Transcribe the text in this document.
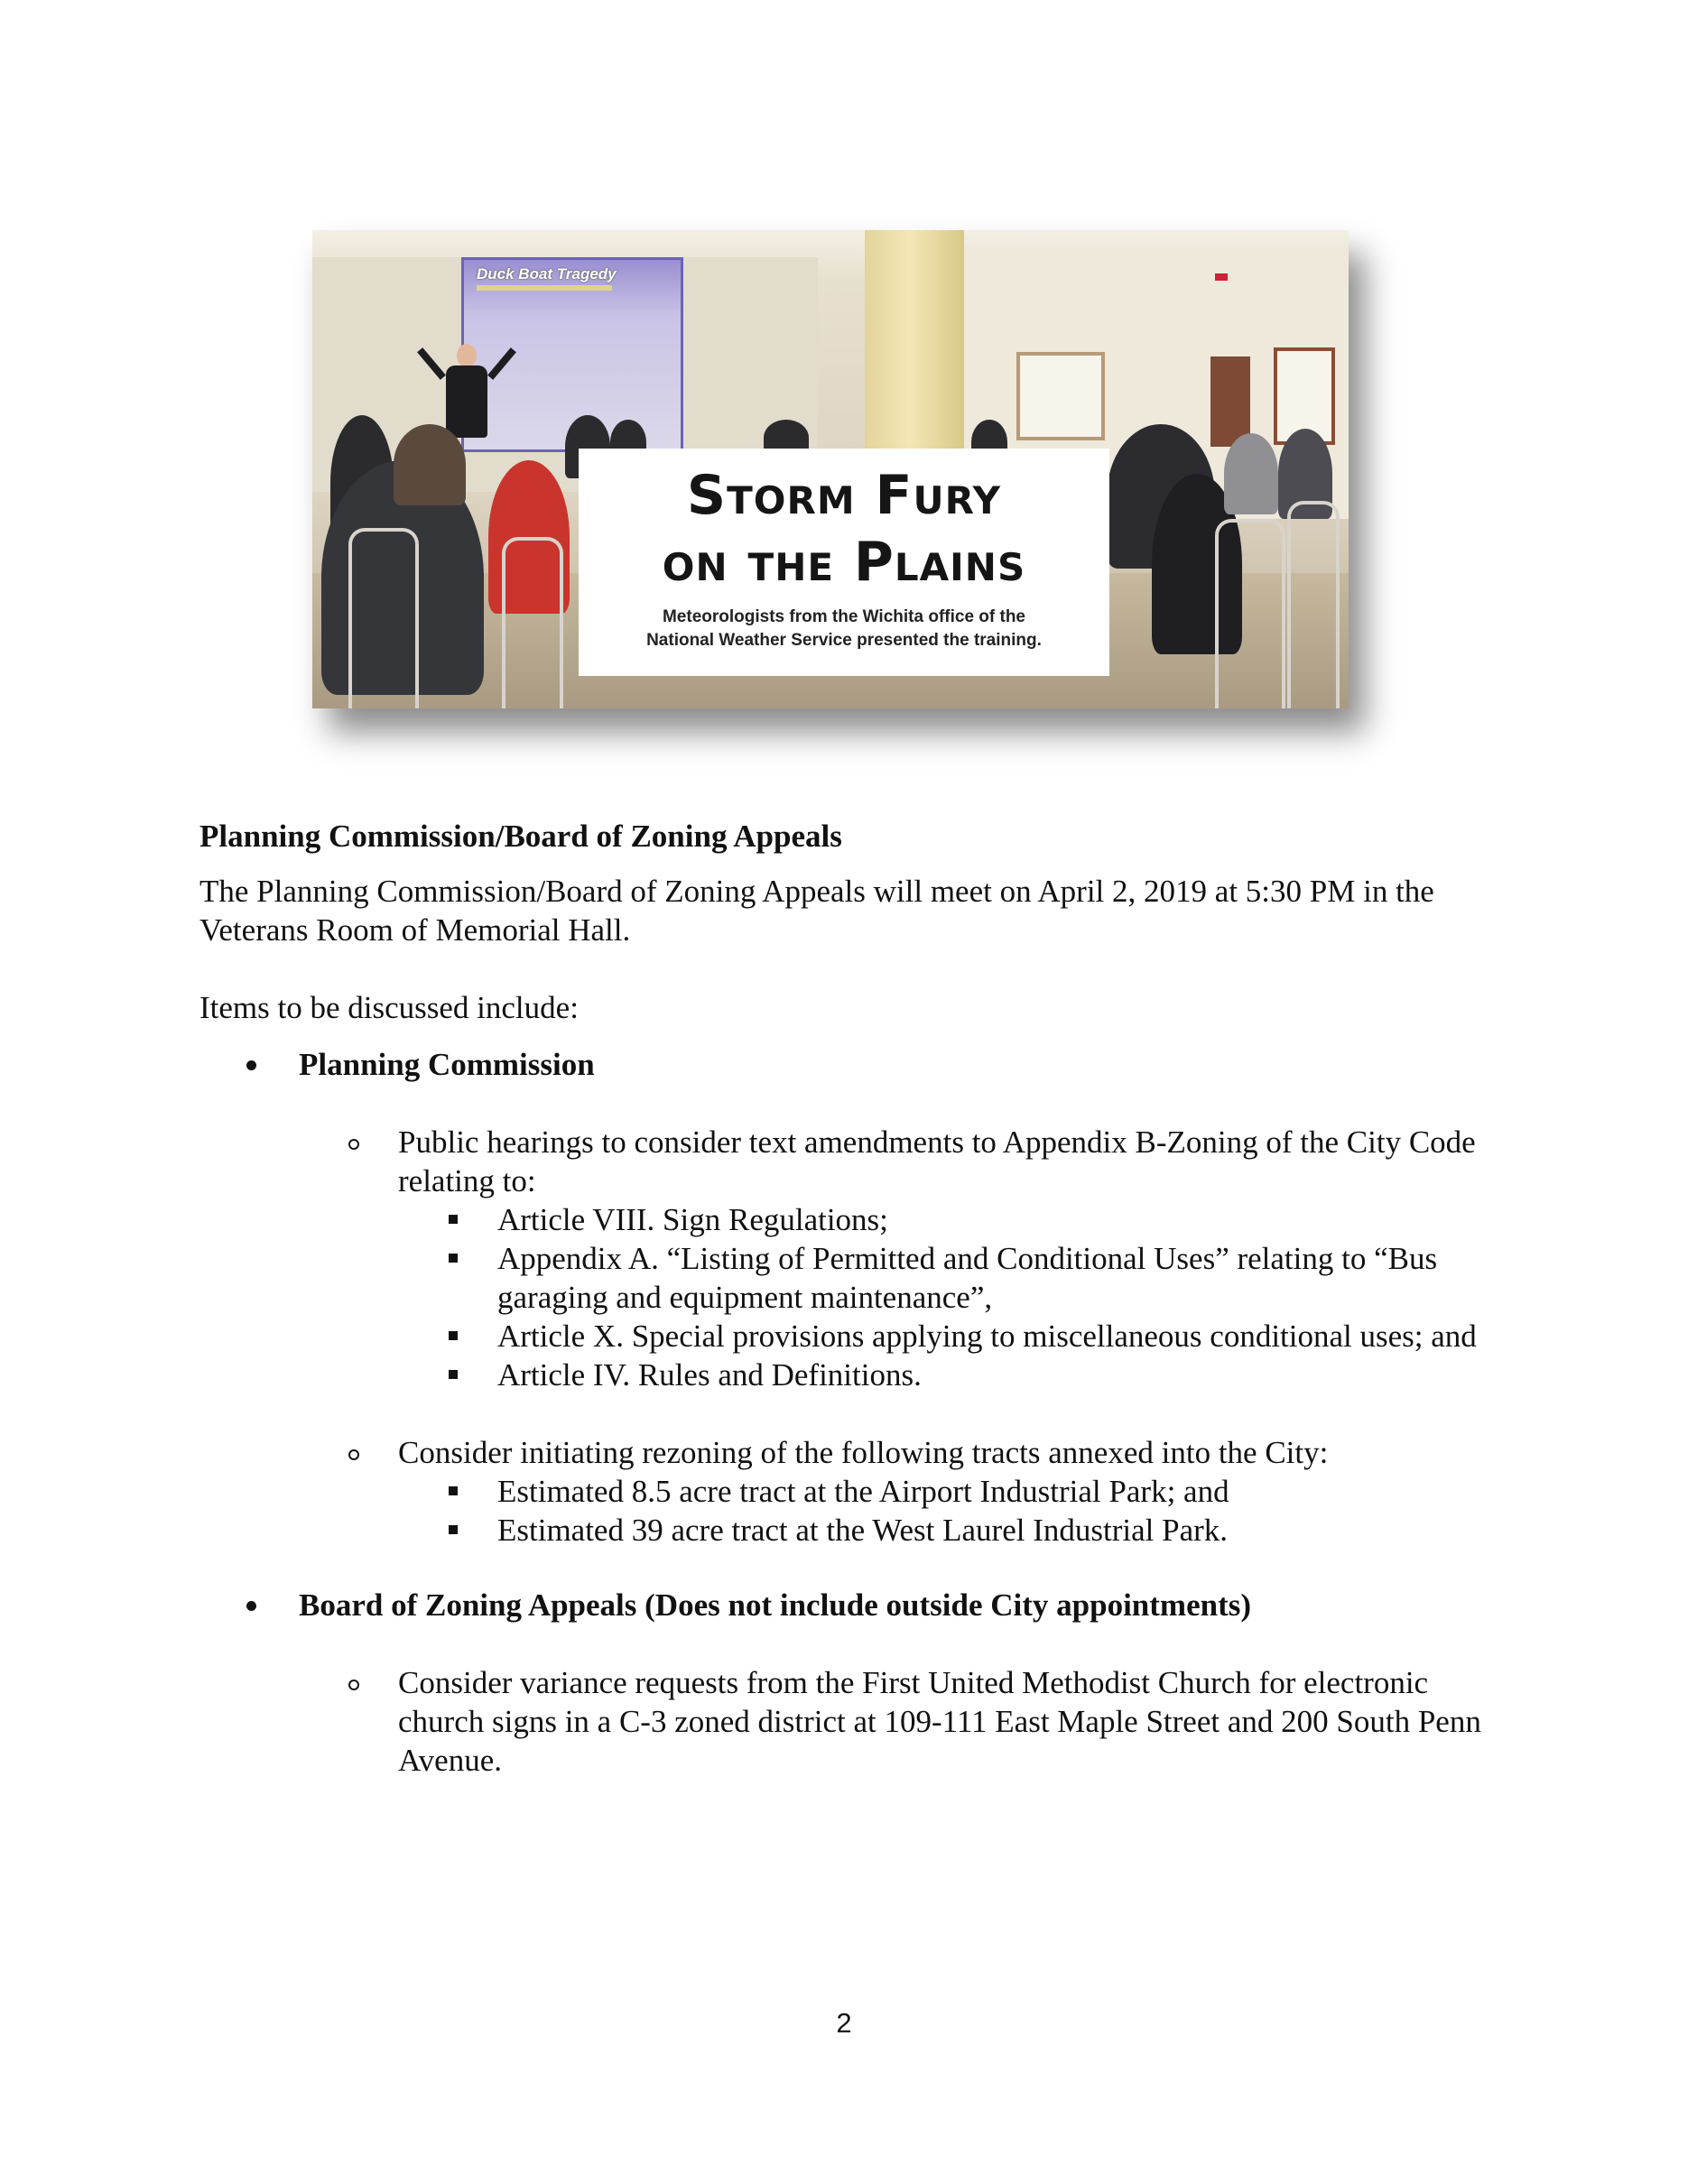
Duck Boat Tragedy
Storm Fury
on the Plains
Meteorologists from the Wichita office of the
National Weather Service presented the training.

Planning Commission/Board of Zoning Appeals

The Planning Commission/Board of Zoning Appeals will meet on April 2, 2019 at 5:30 PM in the Veterans Room of Memorial Hall.

Items to be discussed include:

Planning Commission
Public hearings to consider text amendments to Appendix B-Zoning of the City Code relating to:
Article VIII. Sign Regulations;
Appendix A. “Listing of Permitted and Conditional Uses” relating to “Bus garaging and equipment maintenance”,
Article X. Special provisions applying to miscellaneous conditional uses; and
Article IV. Rules and Definitions.
Consider initiating rezoning of the following tracts annexed into the City:
Estimated 8.5 acre tract at the Airport Industrial Park; and
Estimated 39 acre tract at the West Laurel Industrial Park.
Board of Zoning Appeals (Does not include outside City appointments)
Consider variance requests from the First United Methodist Church for electronic church signs in a C-3 zoned district at 109-111 East Maple Street and 200 South Penn Avenue.
2
